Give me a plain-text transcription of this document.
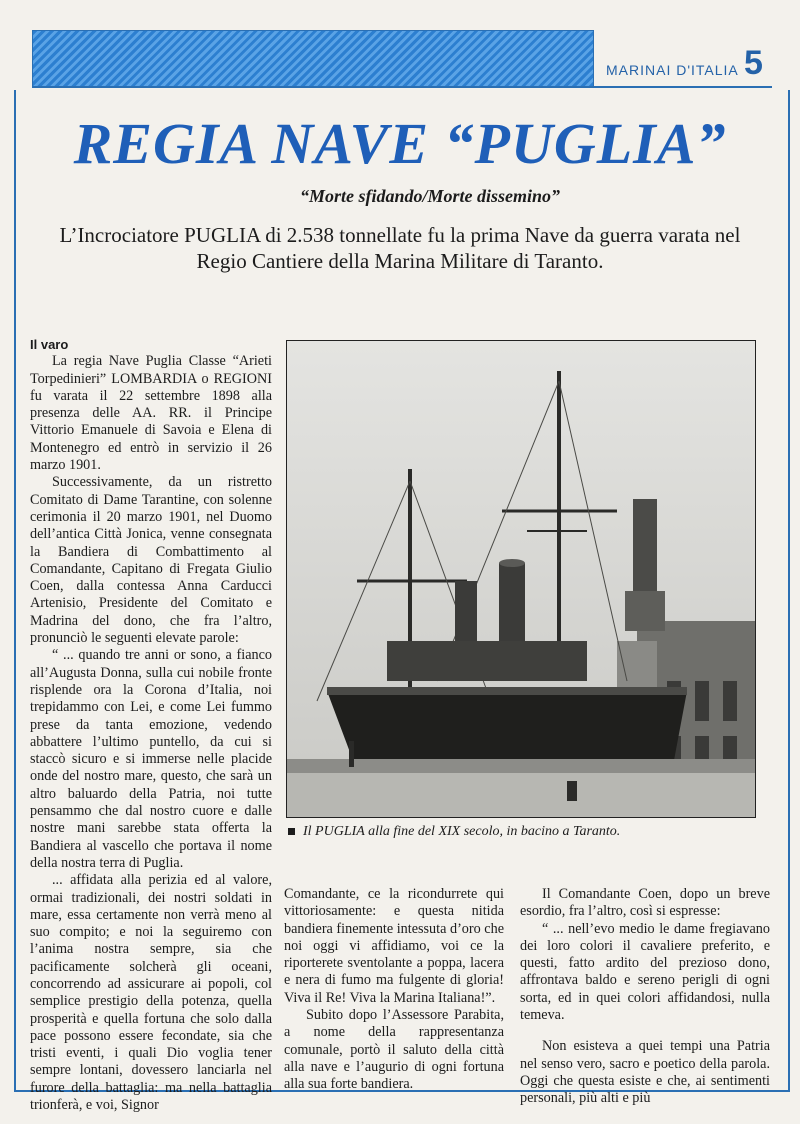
MARINAI D'ITALIA 5
REGIA NAVE “PUGLIA”
“Morte sfidando/Morte dissemino”
L’Incrociatore PUGLIA di 2.538 tonnellate fu la prima Nave da guerra varata nel Regio Cantiere della Marina Militare di Taranto.

Il varo

La regia Nave Puglia Classe “Arieti Torpedinieri” LOMBARDIA o REGIONI fu varata il 22 settembre 1898 alla presenza delle AA. RR. il Principe Vittorio Emanuele di Savoia e Elena di Montenegro ed entrò in servizio il 26 marzo 1901.

Successivamente, da un ristretto Comitato di Dame Tarantine, con solenne cerimonia il 20 marzo 1901, nel Duomo dell’antica Città Jonica, venne consegnata la Bandiera di Combattimento al Comandante, Capitano di Fregata Giulio Coen, dalla contessa Anna Carducci Artenisio, Presidente del Comitato e Madrina del dono, che fra l’altro, pronunciò le seguenti elevate parole:

“ ... quando tre anni or sono, a fianco all’Augusta Donna, sulla cui nobile fronte risplende ora la Corona d’Italia, noi trepidammo con Lei, e come Lei fummo prese da tanta emozione, vedendo abbattere l’ultimo puntello, da cui si staccò sicuro e si immerse nelle placide onde del nostro mare, questo, che sarà un altro baluardo della Patria, noi tutte pensammo che dal nostro cuore e dalle nostre mani sarebbe stata offerta la Bandiera al vascello che portava il nome della nostra terra di Puglia.

... affidata alla perizia ed al valore, ormai tradizionali, dei nostri soldati in mare, essa certamente non verrà meno al suo compito; e noi la seguiremo con l’anima nostra sempre, sia che pacificamente solcherà gli oceani, concorrendo ad assicurare ai popoli, col semplice prestigio della potenza, quella prosperità e quella fortuna che solo dalla pace possono essere fecondate, sia che tristi eventi, i quali Dio voglia tener sempre lontani, dovessero lanciarla nel furore della battaglia: ma nella battaglia trionferà, e voi, Signor

Il PUGLIA alla fine del XIX secolo, in bacino a Taranto.

Comandante, ce la ricondurrete qui vittoriosamente: e questa nitida bandiera finemente intessuta d’oro che noi oggi vi affidiamo, voi ce la riporterete sventolante a poppa, lacera e nera di fumo ma fulgente di gloria! Viva il Re! Viva la Marina Italiana!”.

Subito dopo l’Assessore Parabita, a nome della rappresentanza comunale, portò il saluto della città alla nave e l’augurio di ogni fortuna alla sua forte bandiera.

Il Comandante Coen, dopo un breve esordio, fra l’altro, così si espresse:

“ ... nell’evo medio le dame fregiavano dei loro colori il cavaliere preferito, e questi, fatto ardito del prezioso dono, affrontava baldo e sereno perigli di ogni sorta, ed in quei colori affidandosi, nulla temeva.

Non esisteva a quei tempi una Patria nel senso vero, sacro e poetico della parola. Oggi che questa esiste e che, ai sentimenti personali, più alti e più
